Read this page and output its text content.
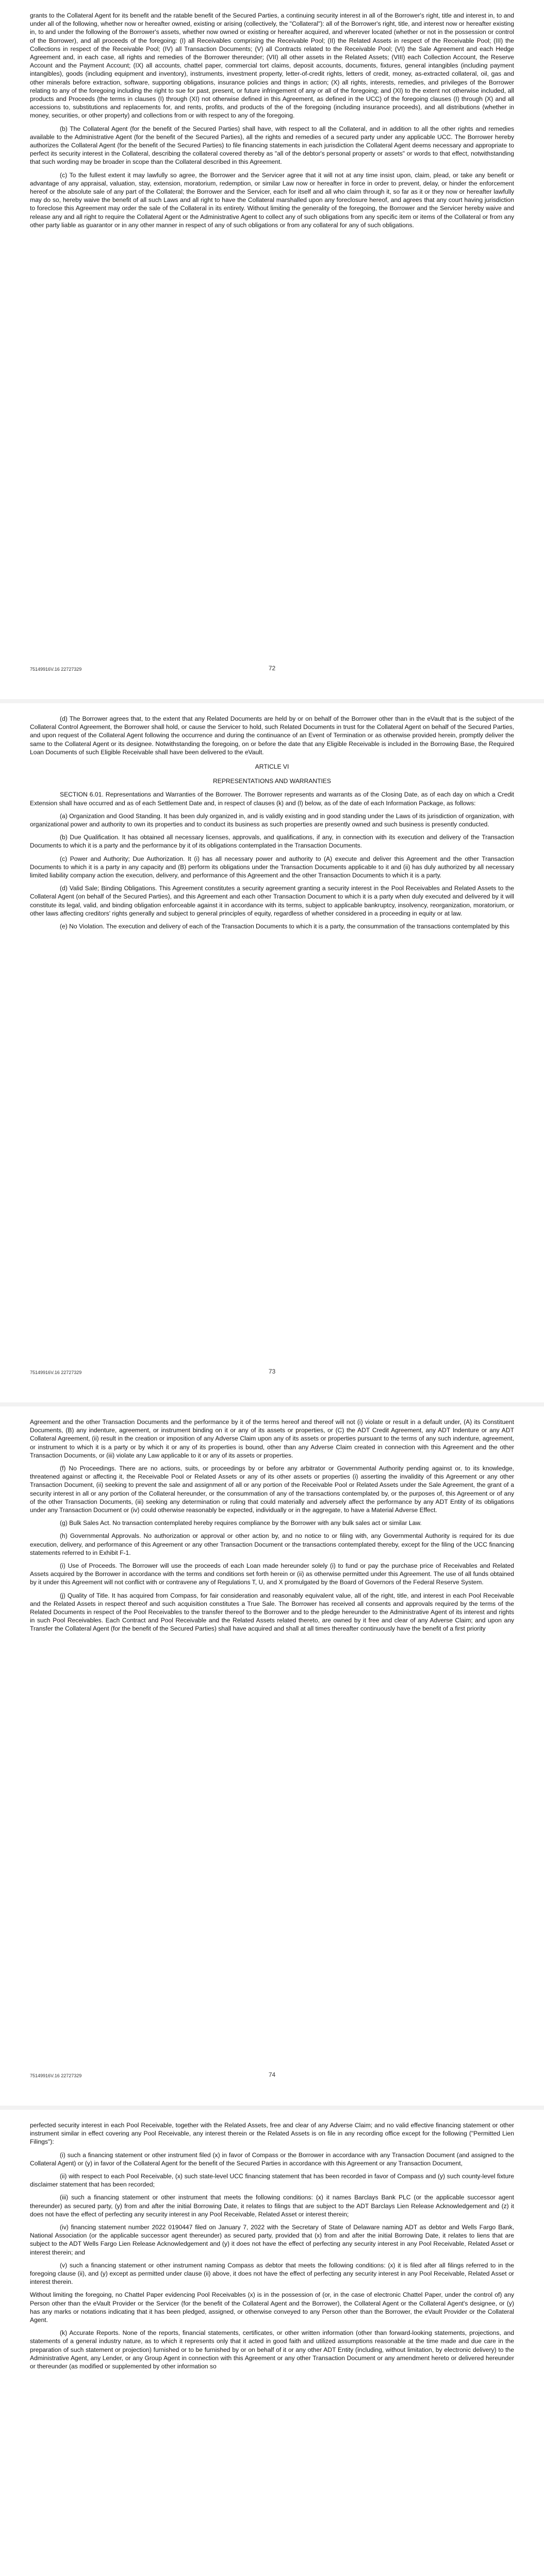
grants to the Collateral Agent for its benefit and the ratable benefit of the Secured Parties, a continuing security interest in all of the Borrower's right, title and interest in, to and under all of the following, whether now or hereafter owned, existing or arising (collectively, the "Collateral"): all of the Borrower's right, title, and interest now or hereafter existing in, to and under the following of the Borrower's assets, whether now owned or existing or hereafter acquired, and wherever located (whether or not in the possession or control of the Borrower), and all proceeds of the foregoing: (I) all Receivables comprising the Receivable Pool; (II) the Related Assets in respect of the Receivable Pool; (III) the Collections in respect of the Receivable Pool; (IV) all Transaction Documents; (V) all Contracts related to the Receivable Pool; (VI) the Sale Agreement and each Hedge Agreement and, in each case, all rights and remedies of the Borrower thereunder; (VII) all other assets in the Related Assets; (VIII) each Collection Account, the Reserve Account and the Payment Account; (IX) all accounts, chattel paper, commercial tort claims, deposit accounts, documents, fixtures, general intangibles (including payment intangibles), goods (including equipment and inventory), instruments, investment property, letter-of-credit rights, letters of credit, money, as-extracted collateral, oil, gas and other minerals before extraction, software, supporting obligations, insurance policies and things in action; (X) all rights, interests, remedies, and privileges of the Borrower relating to any of the foregoing including the right to sue for past, present, or future infringement of any or all of the foregoing; and (XI) to the extent not otherwise included, all products and Proceeds (the terms in clauses (I) through (XI) not otherwise defined in this Agreement, as defined in the UCC) of the foregoing clauses (I) through (X) and all accessions to, substitutions and replacements for, and rents, profits, and products of the of the foregoing (including insurance proceeds), and all distributions (whether in money, securities, or other property) and collections from or with respect to any of the foregoing.

(b) The Collateral Agent (for the benefit of the Secured Parties) shall have, with respect to all the Collateral, and in addition to all the other rights and remedies available to the Administrative Agent (for the benefit of the Secured Parties), all the rights and remedies of a secured party under any applicable UCC. The Borrower hereby authorizes the Collateral Agent (for the benefit of the Secured Parties) to file financing statements in each jurisdiction the Collateral Agent deems necessary and appropriate to perfect its security interest in the Collateral, describing the collateral covered thereby as "all of the debtor's personal property or assets" or words to that effect, notwithstanding that such wording may be broader in scope than the Collateral described in this Agreement.

(c) To the fullest extent it may lawfully so agree, the Borrower and the Servicer agree that it will not at any time insist upon, claim, plead, or take any benefit or advantage of any appraisal, valuation, stay, extension, moratorium, redemption, or similar Law now or hereafter in force in order to prevent, delay, or hinder the enforcement hereof or the absolute sale of any part of the Collateral; the Borrower and the Servicer, each for itself and all who claim through it, so far as it or they now or hereafter lawfully may do so, hereby waive the benefit of all such Laws and all right to have the Collateral marshalled upon any foreclosure hereof, and agrees that any court having jurisdiction to foreclose this Agreement may order the sale of the Collateral in its entirety. Without limiting the generality of the foregoing, the Borrower and the Servicer hereby waive and release any and all right to require the Collateral Agent or the Administrative Agent to collect any of such obligations from any specific item or items of the Collateral or from any other party liable as guarantor or in any other manner in respect of any of such obligations or from any collateral for any of such obligations.

75149916V.16 22727329	72

(d) The Borrower agrees that, to the extent that any Related Documents are held by or on behalf of the Borrower other than in the eVault that is the subject of the Collateral Control Agreement, the Borrower shall hold, or cause the Servicer to hold, such Related Documents in trust for the Collateral Agent on behalf of the Secured Parties, and upon request of the Collateral Agent following the occurrence and during the continuance of an Event of Termination or as otherwise provided herein, promptly deliver the same to the Collateral Agent or its designee. Notwithstanding the foregoing, on or before the date that any Eligible Receivable is included in the Borrowing Base, the Required Loan Documents of such Eligible Receivable shall have been delivered to the eVault.

ARTICLE VI

REPRESENTATIONS AND WARRANTIES

SECTION 6.01. Representations and Warranties of the Borrower. The Borrower represents and warrants as of the Closing Date, as of each day on which a Credit Extension shall have occurred and as of each Settlement Date and, in respect of clauses (k) and (l) below, as of the date of each Information Package, as follows:

(a) Organization and Good Standing. It has been duly organized in, and is validly existing and in good standing under the Laws of its jurisdiction of organization, with organizational power and authority to own its properties and to conduct its business as such properties are presently owned and such business is presently conducted.

(b) Due Qualification. It has obtained all necessary licenses, approvals, and qualifications, if any, in connection with its execution and delivery of the Transaction Documents to which it is a party and the performance by it of its obligations contemplated in the Transaction Documents.

(c) Power and Authority; Due Authorization. It (i) has all necessary power and authority to (A) execute and deliver this Agreement and the other Transaction Documents to which it is a party in any capacity and (B) perform its obligations under the Transaction Documents applicable to it and (ii) has duly authorized by all necessary limited liability company action the execution, delivery, and performance of this Agreement and the other Transaction Documents to which it is a party.

(d) Valid Sale; Binding Obligations. This Agreement constitutes a security agreement granting a security interest in the Pool Receivables and Related Assets to the Collateral Agent (on behalf of the Secured Parties), and this Agreement and each other Transaction Document to which it is a party when duly executed and delivered by it will constitute its legal, valid, and binding obligation enforceable against it in accordance with its terms, subject to applicable bankruptcy, insolvency, reorganization, moratorium, or other laws affecting creditors' rights generally and subject to general principles of equity, regardless of whether considered in a proceeding in equity or at law.

(e) No Violation. The execution and delivery of each of the Transaction Documents to which it is a party, the consummation of the transactions contemplated by this

75149916V.16 22727329	73

Agreement and the other Transaction Documents and the performance by it of the terms hereof and thereof will not (i) violate or result in a default under, (A) its Constituent Documents, (B) any indenture, agreement, or instrument binding on it or any of its assets or properties, or (C) the ADT Credit Agreement, any ADT Indenture or any ADT Collateral Agreement, (ii) result in the creation or imposition of any Adverse Claim upon any of its assets or properties pursuant to the terms of any such indenture, agreement, or instrument to which it is a party or by which it or any of its properties is bound, other than any Adverse Claim created in connection with this Agreement and the other Transaction Documents, or (iii) violate any Law applicable to it or any of its assets or properties.

(f) No Proceedings. There are no actions, suits, or proceedings by or before any arbitrator or Governmental Authority pending against or, to its knowledge, threatened against or affecting it, the Receivable Pool or Related Assets or any of its other assets or properties (i) asserting the invalidity of this Agreement or any other Transaction Document, (ii) seeking to prevent the sale and assignment of all or any portion of the Receivable Pool or Related Assets under the Sale Agreement, the grant of a security interest in all or any portion of the Collateral hereunder, or the consummation of any of the transactions contemplated by, or the purposes of, this Agreement or of any of the other Transaction Documents, (iii) seeking any determination or ruling that could materially and adversely affect the performance by any ADT Entity of its obligations under any Transaction Document or (iv) could otherwise reasonably be expected, individually or in the aggregate, to have a Material Adverse Effect.

(g) Bulk Sales Act. No transaction contemplated hereby requires compliance by the Borrower with any bulk sales act or similar Law.

(h) Governmental Approvals. No authorization or approval or other action by, and no notice to or filing with, any Governmental Authority is required for its due execution, delivery, and performance of this Agreement or any other Transaction Document or the transactions contemplated thereby, except for the filing of the UCC financing statements referred to in Exhibit F-1.

(i) Use of Proceeds. The Borrower will use the proceeds of each Loan made hereunder solely (i) to fund or pay the purchase price of Receivables and Related Assets acquired by the Borrower in accordance with the terms and conditions set forth herein or (ii) as otherwise permitted under this Agreement. The use of all funds obtained by it under this Agreement will not conflict with or contravene any of Regulations T, U, and X promulgated by the Board of Governors of the Federal Reserve System.

(j) Quality of Title. It has acquired from Compass, for fair consideration and reasonably equivalent value, all of the right, title, and interest in each Pool Receivable and the Related Assets in respect thereof and such acquisition constitutes a True Sale. The Borrower has received all consents and approvals required by the terms of the Related Documents in respect of the Pool Receivables to the transfer thereof to the Borrower and to the pledge hereunder to the Administrative Agent of its interest and rights in such Pool Receivables. Each Contract and Pool Receivable and the Related Assets related thereto, are owned by it free and clear of any Adverse Claim; and upon any Transfer the Collateral Agent (for the benefit of the Secured Parties) shall have acquired and shall at all times thereafter continuously have the benefit of a first priority

75149916V.16 22727329	74

perfected security interest in each Pool Receivable, together with the Related Assets, free and clear of any Adverse Claim; and no valid effective financing statement or other instrument similar in effect covering any Pool Receivable, any interest therein or the Related Assets is on file in any recording office except for the following ("Permitted Lien Filings"):

(i) such a financing statement or other instrument filed (x) in favor of Compass or the Borrower in accordance with any Transaction Document (and assigned to the Collateral Agent) or (y) in favor of the Collateral Agent for the benefit of the Secured Parties in accordance with this Agreement or any Transaction Document,

(ii) with respect to each Pool Receivable, (x) such state-level UCC financing statement that has been recorded in favor of Compass and (y) such county-level fixture disclaimer statement that has been recorded;

(iii) such a financing statement or other instrument that meets the following conditions: (x) it names Barclays Bank PLC (or the applicable successor agent thereunder) as secured party, (y) from and after the initial Borrowing Date, it relates to filings that are subject to the ADT Barclays Lien Release Acknowledgement and (z) it does not have the effect of perfecting any security interest in any Pool Receivable, Related Asset or interest therein;

(iv) financing statement number 2022 0190447 filed on January 7, 2022 with the Secretary of State of Delaware naming ADT as debtor and Wells Fargo Bank, National Association (or the applicable successor agent thereunder) as secured party, provided that (x) from and after the initial Borrowing Date, it relates to liens that are subject to the ADT Wells Fargo Lien Release Acknowledgement and (y) it does not have the effect of perfecting any security interest in any Pool Receivable, Related Asset or interest therein; and

(v) such a financing statement or other instrument naming Compass as debtor that meets the following conditions: (x) it is filed after all filings referred to in the foregoing clause (ii), and (y) except as permitted under clause (ii) above, it does not have the effect of perfecting any security interest in any Pool Receivable, Related Asset or interest therein.

Without limiting the foregoing, no Chattel Paper evidencing Pool Receivables (x) is in the possession of (or, in the case of electronic Chattel Paper, under the control of) any Person other than the eVault Provider or the Servicer (for the benefit of the Collateral Agent and the Borrower), the Collateral Agent or the Collateral Agent's designee, or (y) has any marks or notations indicating that it has been pledged, assigned, or otherwise conveyed to any Person other than the Borrower, the eVault Provider or the Collateral Agent.

(k) Accurate Reports. None of the reports, financial statements, certificates, or other written information (other than forward-looking statements, projections, and statements of a general industry nature, as to which it represents only that it acted in good faith and utilized assumptions reasonable at the time made and due care in the preparation of such statement or projection) furnished or to be furnished by or on behalf of it or any other ADT Entity (including, without limitation, by electronic delivery) to the Administrative Agent, any Lender, or any Group Agent in connection with this Agreement or any other Transaction Document or any amendment hereto or delivered hereunder or thereunder (as modified or supplemented by other information so
